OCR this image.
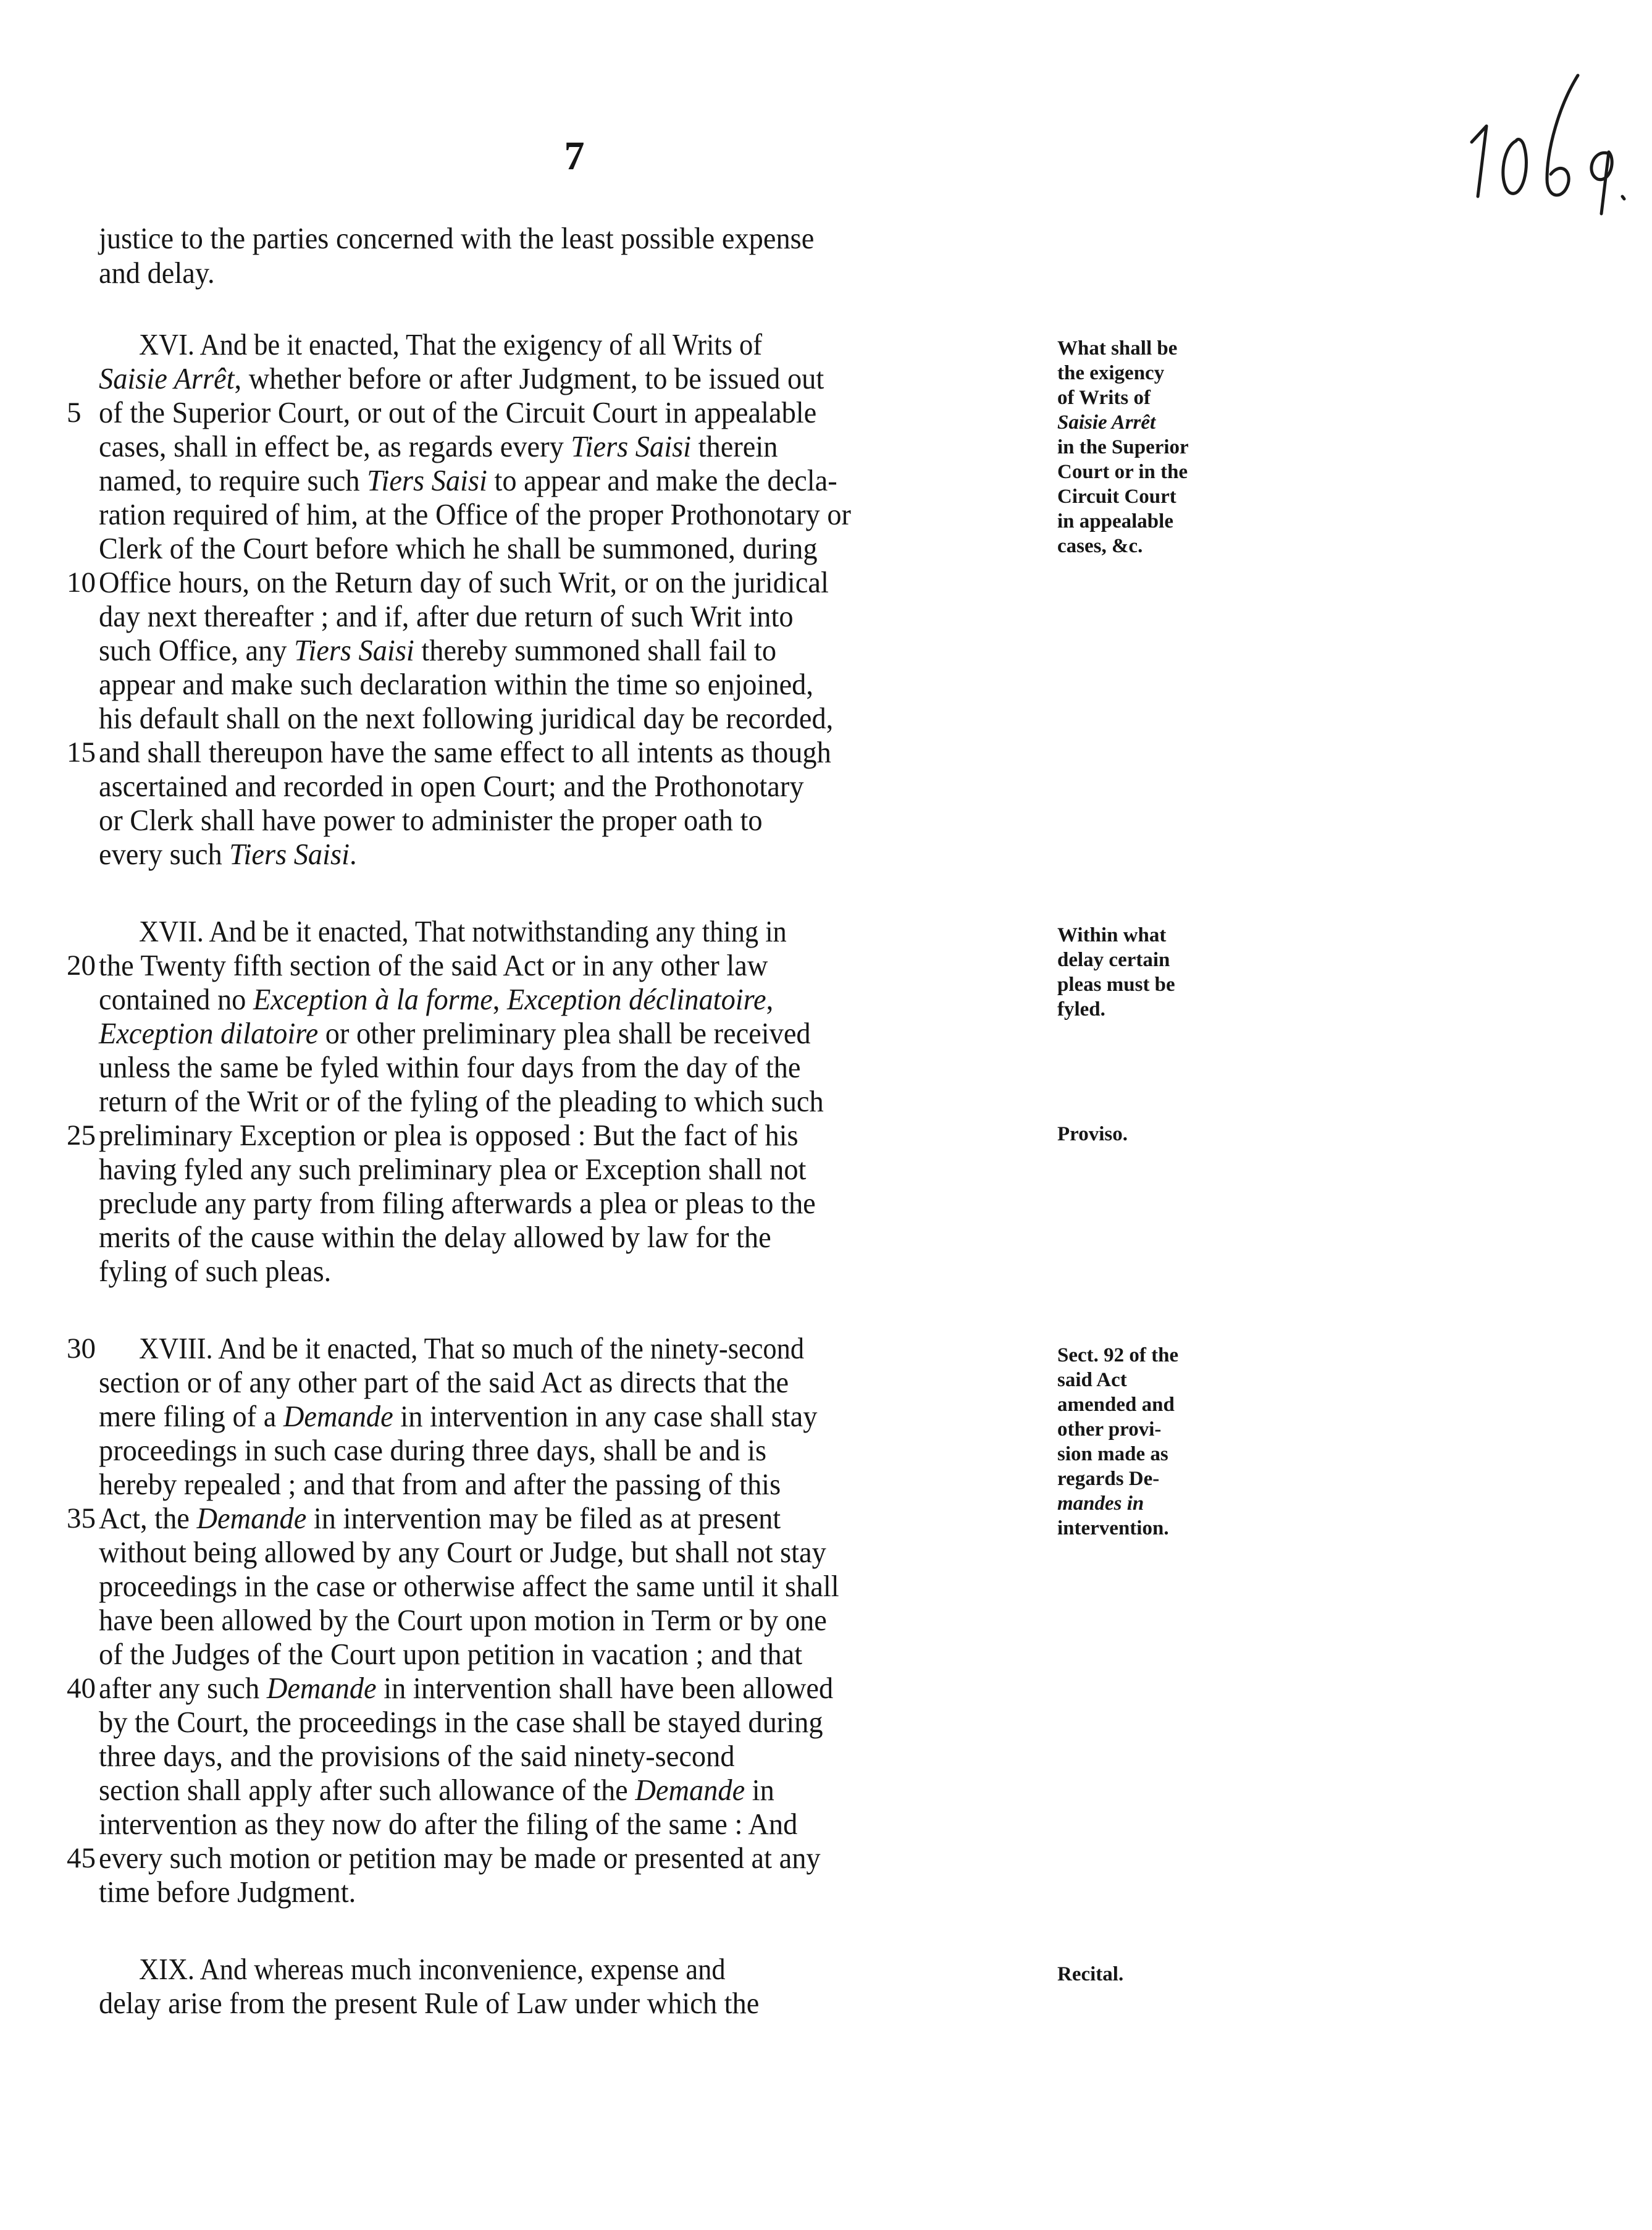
7
justice to the parties concerned with the least possible expense
and delay.
XVI. And be it enacted, That the exigency of all Writs of
Saisie Arrêt, whether before or after Judgment, to be issued out
of the Superior Court, or out of the Circuit Court in appealable
5
cases, shall in effect be, as regards every Tiers Saisi therein
named, to require such Tiers Saisi to appear and make the decla-
ration required of him, at the Office of the proper Prothonotary or
Clerk of the Court before which he shall be summoned, during
Office hours, on the Return day of such Writ, or on the juridical
10
day next thereafter ; and if, after due return of such Writ into
such Office, any Tiers Saisi thereby summoned shall fail to
appear and make such declaration within the time so enjoined,
his default shall on the next following juridical day be recorded,
and shall thereupon have the same effect to all intents as though
15
ascertained and recorded in open Court; and the Prothonotary
or Clerk shall have power to administer the proper oath to
every such Tiers Saisi.
XVII. And be it enacted, That notwithstanding any thing in
the Twenty fifth section of the said Act or in any other law
20
contained no Exception à la forme, Exception déclinatoire,
Exception dilatoire or other preliminary plea shall be received
unless the same be fyled within four days from the day of the
return of the Writ or of the fyling of the pleading to which such
preliminary Exception or plea is opposed : But the fact of his
25
having fyled any such preliminary plea or Exception shall not
preclude any party from filing afterwards a plea or pleas to the
merits of the cause within the delay allowed by law for the
fyling of such pleas.
XVIII. And be it enacted, That so much of the ninety-second
30
section or of any other part of the said Act as directs that the
mere filing of a Demande in intervention in any case shall stay
proceedings in such case during three days, shall be and is
hereby repealed ; and that from and after the passing of this
Act, the Demande in intervention may be filed as at present
35
without being allowed by any Court or Judge, but shall not stay
proceedings in the case or otherwise affect the same until it shall
have been allowed by the Court upon motion in Term or by one
of the Judges of the Court upon petition in vacation ; and that
after any such Demande in intervention shall have been allowed
40
by the Court, the proceedings in the case shall be stayed during
three days, and the provisions of the said ninety-second
section shall apply after such allowance of the Demande in
intervention as they now do after the filing of the same : And
every such motion or petition may be made or presented at any
45
time before Judgment.
XIX. And whereas much inconvenience, expense and
delay arise from the present Rule of Law under which the
What shall be
the exigency
of Writs of
Saisie Arrêt
in the Superior
Court or in the
Circuit Court
in appealable
cases, &c.
Within what
delay certain
pleas must be
fyled.
Proviso.
Sect. 92 of the
said Act
amended and
other provi-
sion made as
regards De-
mandes in
intervention.
Recital.
